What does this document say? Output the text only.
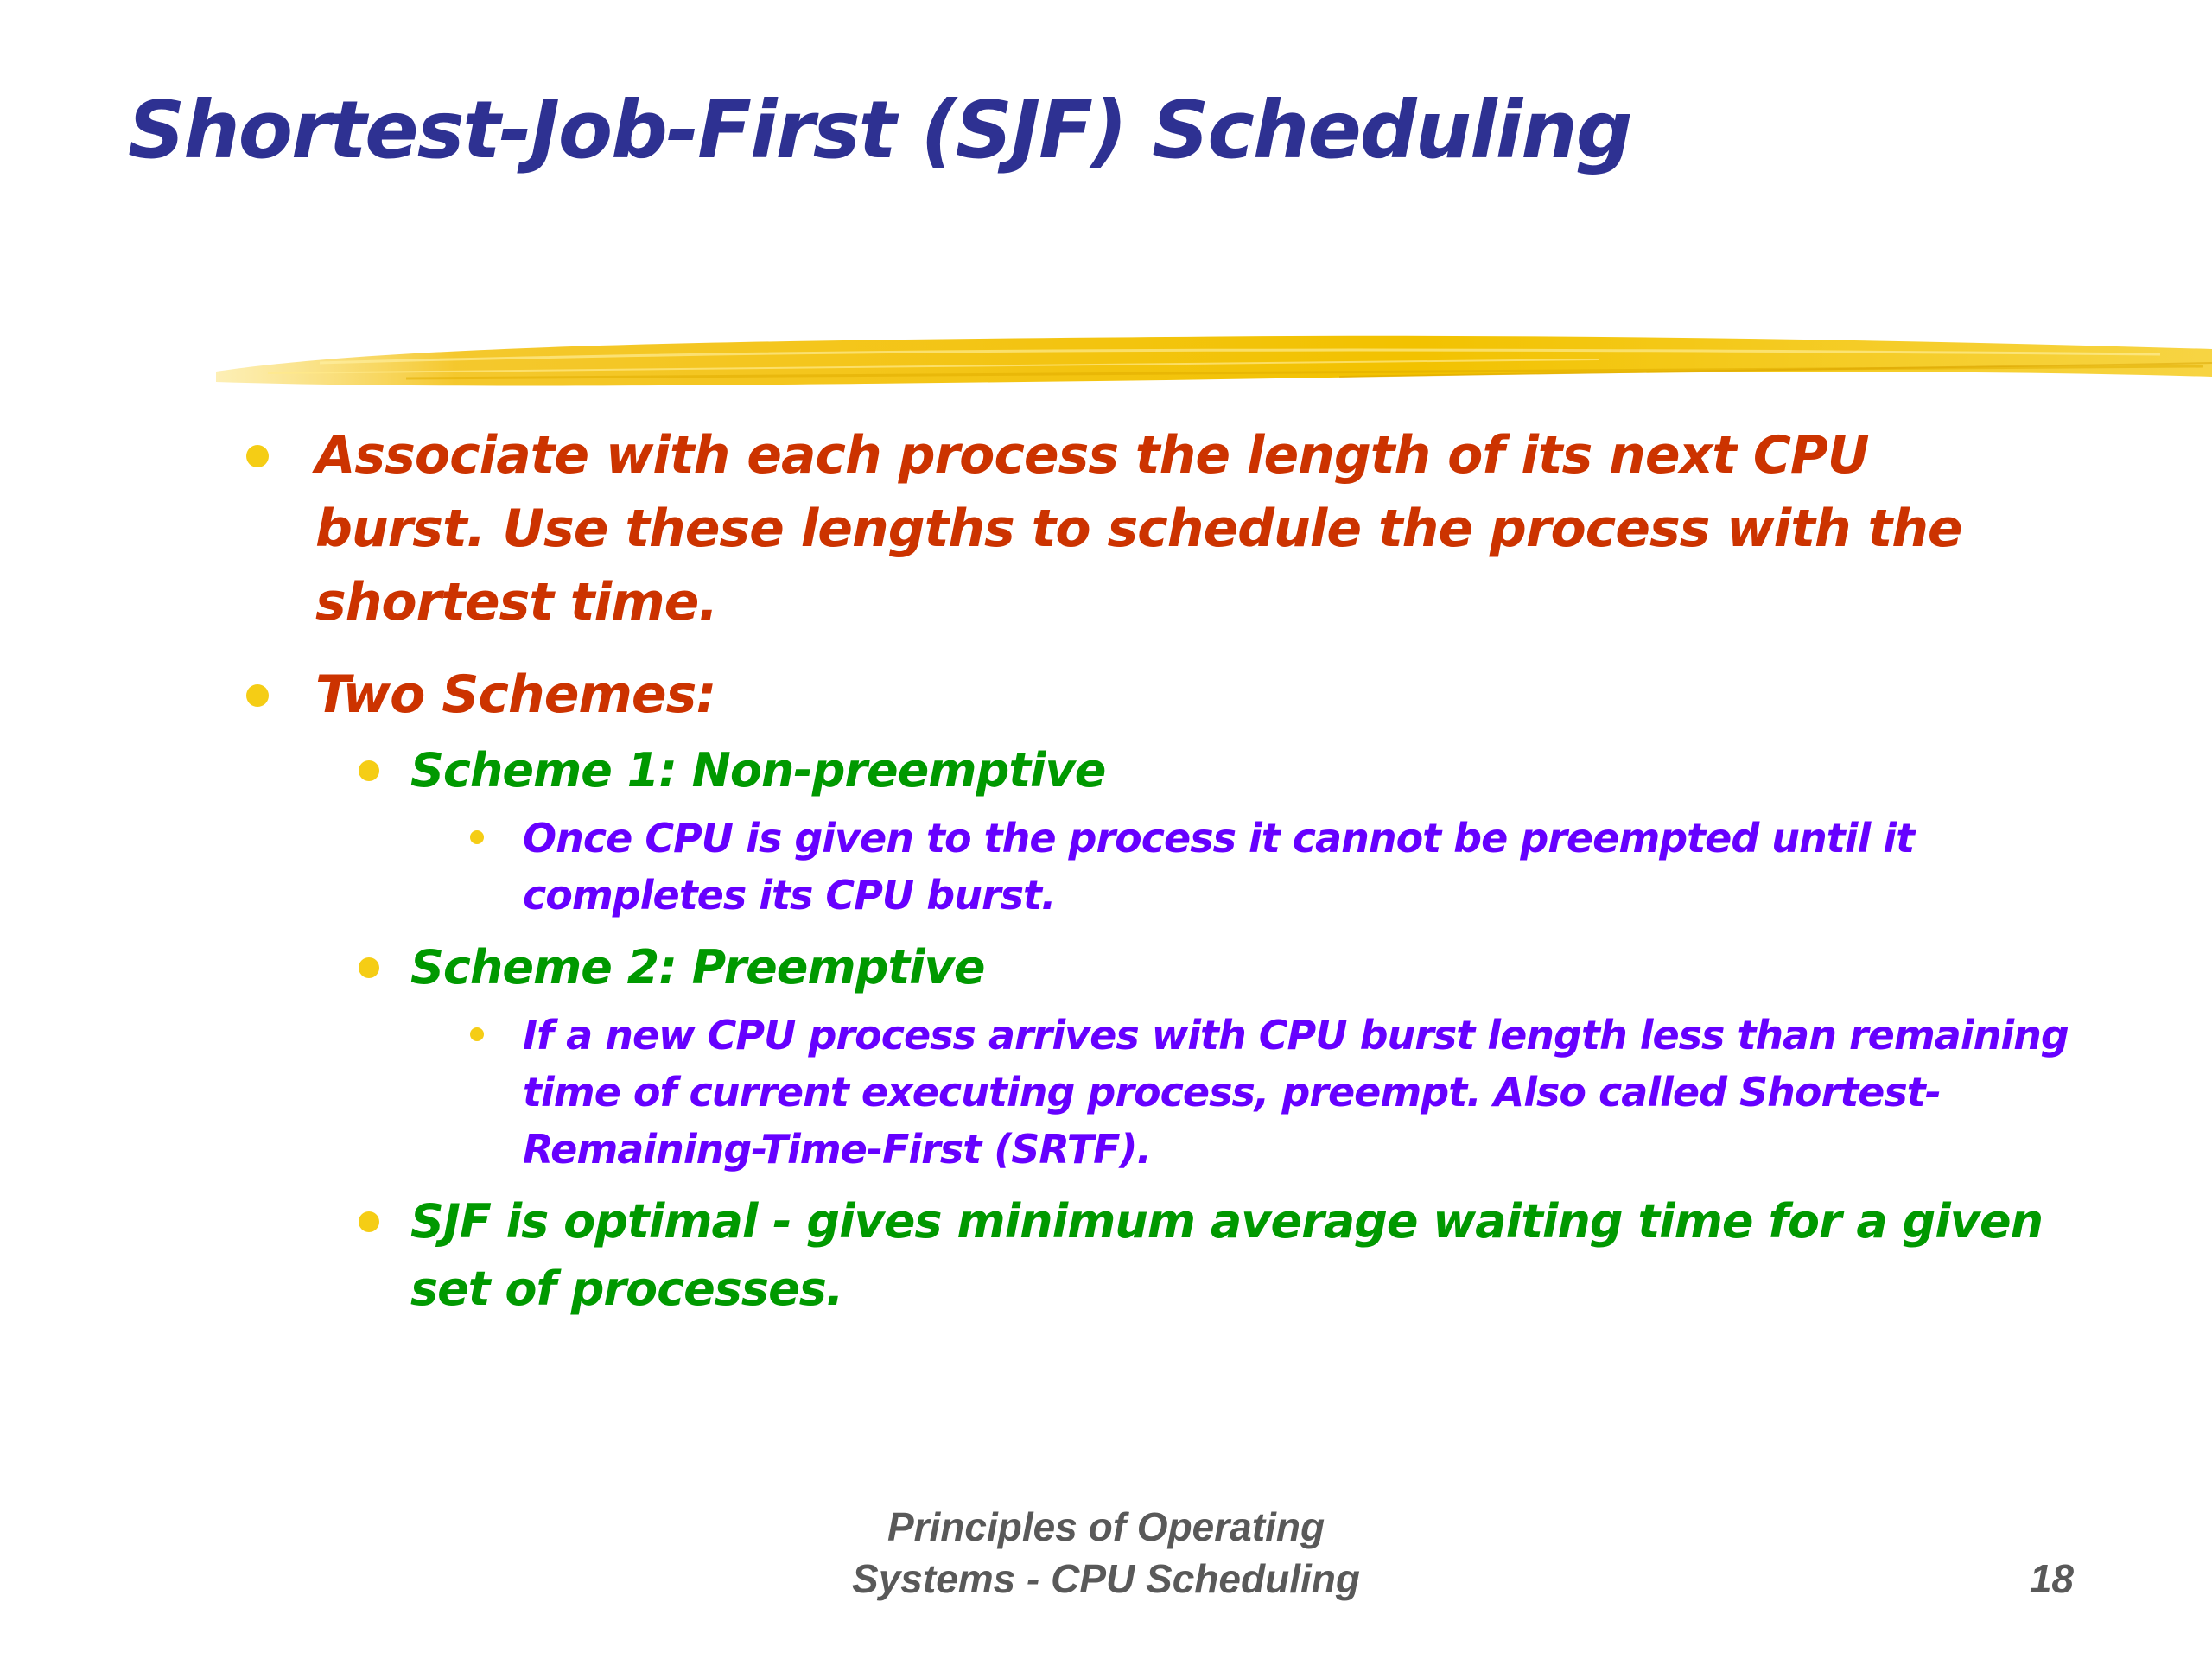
Shortest-Job-First (SJF) Scheduling
Associate with each process the length of its next CPU burst. Use these lengths to schedule the process with the shortest time.
Two Schemes:
Scheme 1: Non-preemptive
Once CPU is given to the process it cannot be preempted until it completes its CPU burst.
Scheme 2: Preemptive
If a new CPU process arrives with CPU burst length less than remaining time of current executing process, preempt. Also called Shortest-Remaining-Time-First (SRTF).
SJF is optimal - gives minimum average waiting time for a given set of processes.
Principles of Operating
Systems - CPU Scheduling	18
